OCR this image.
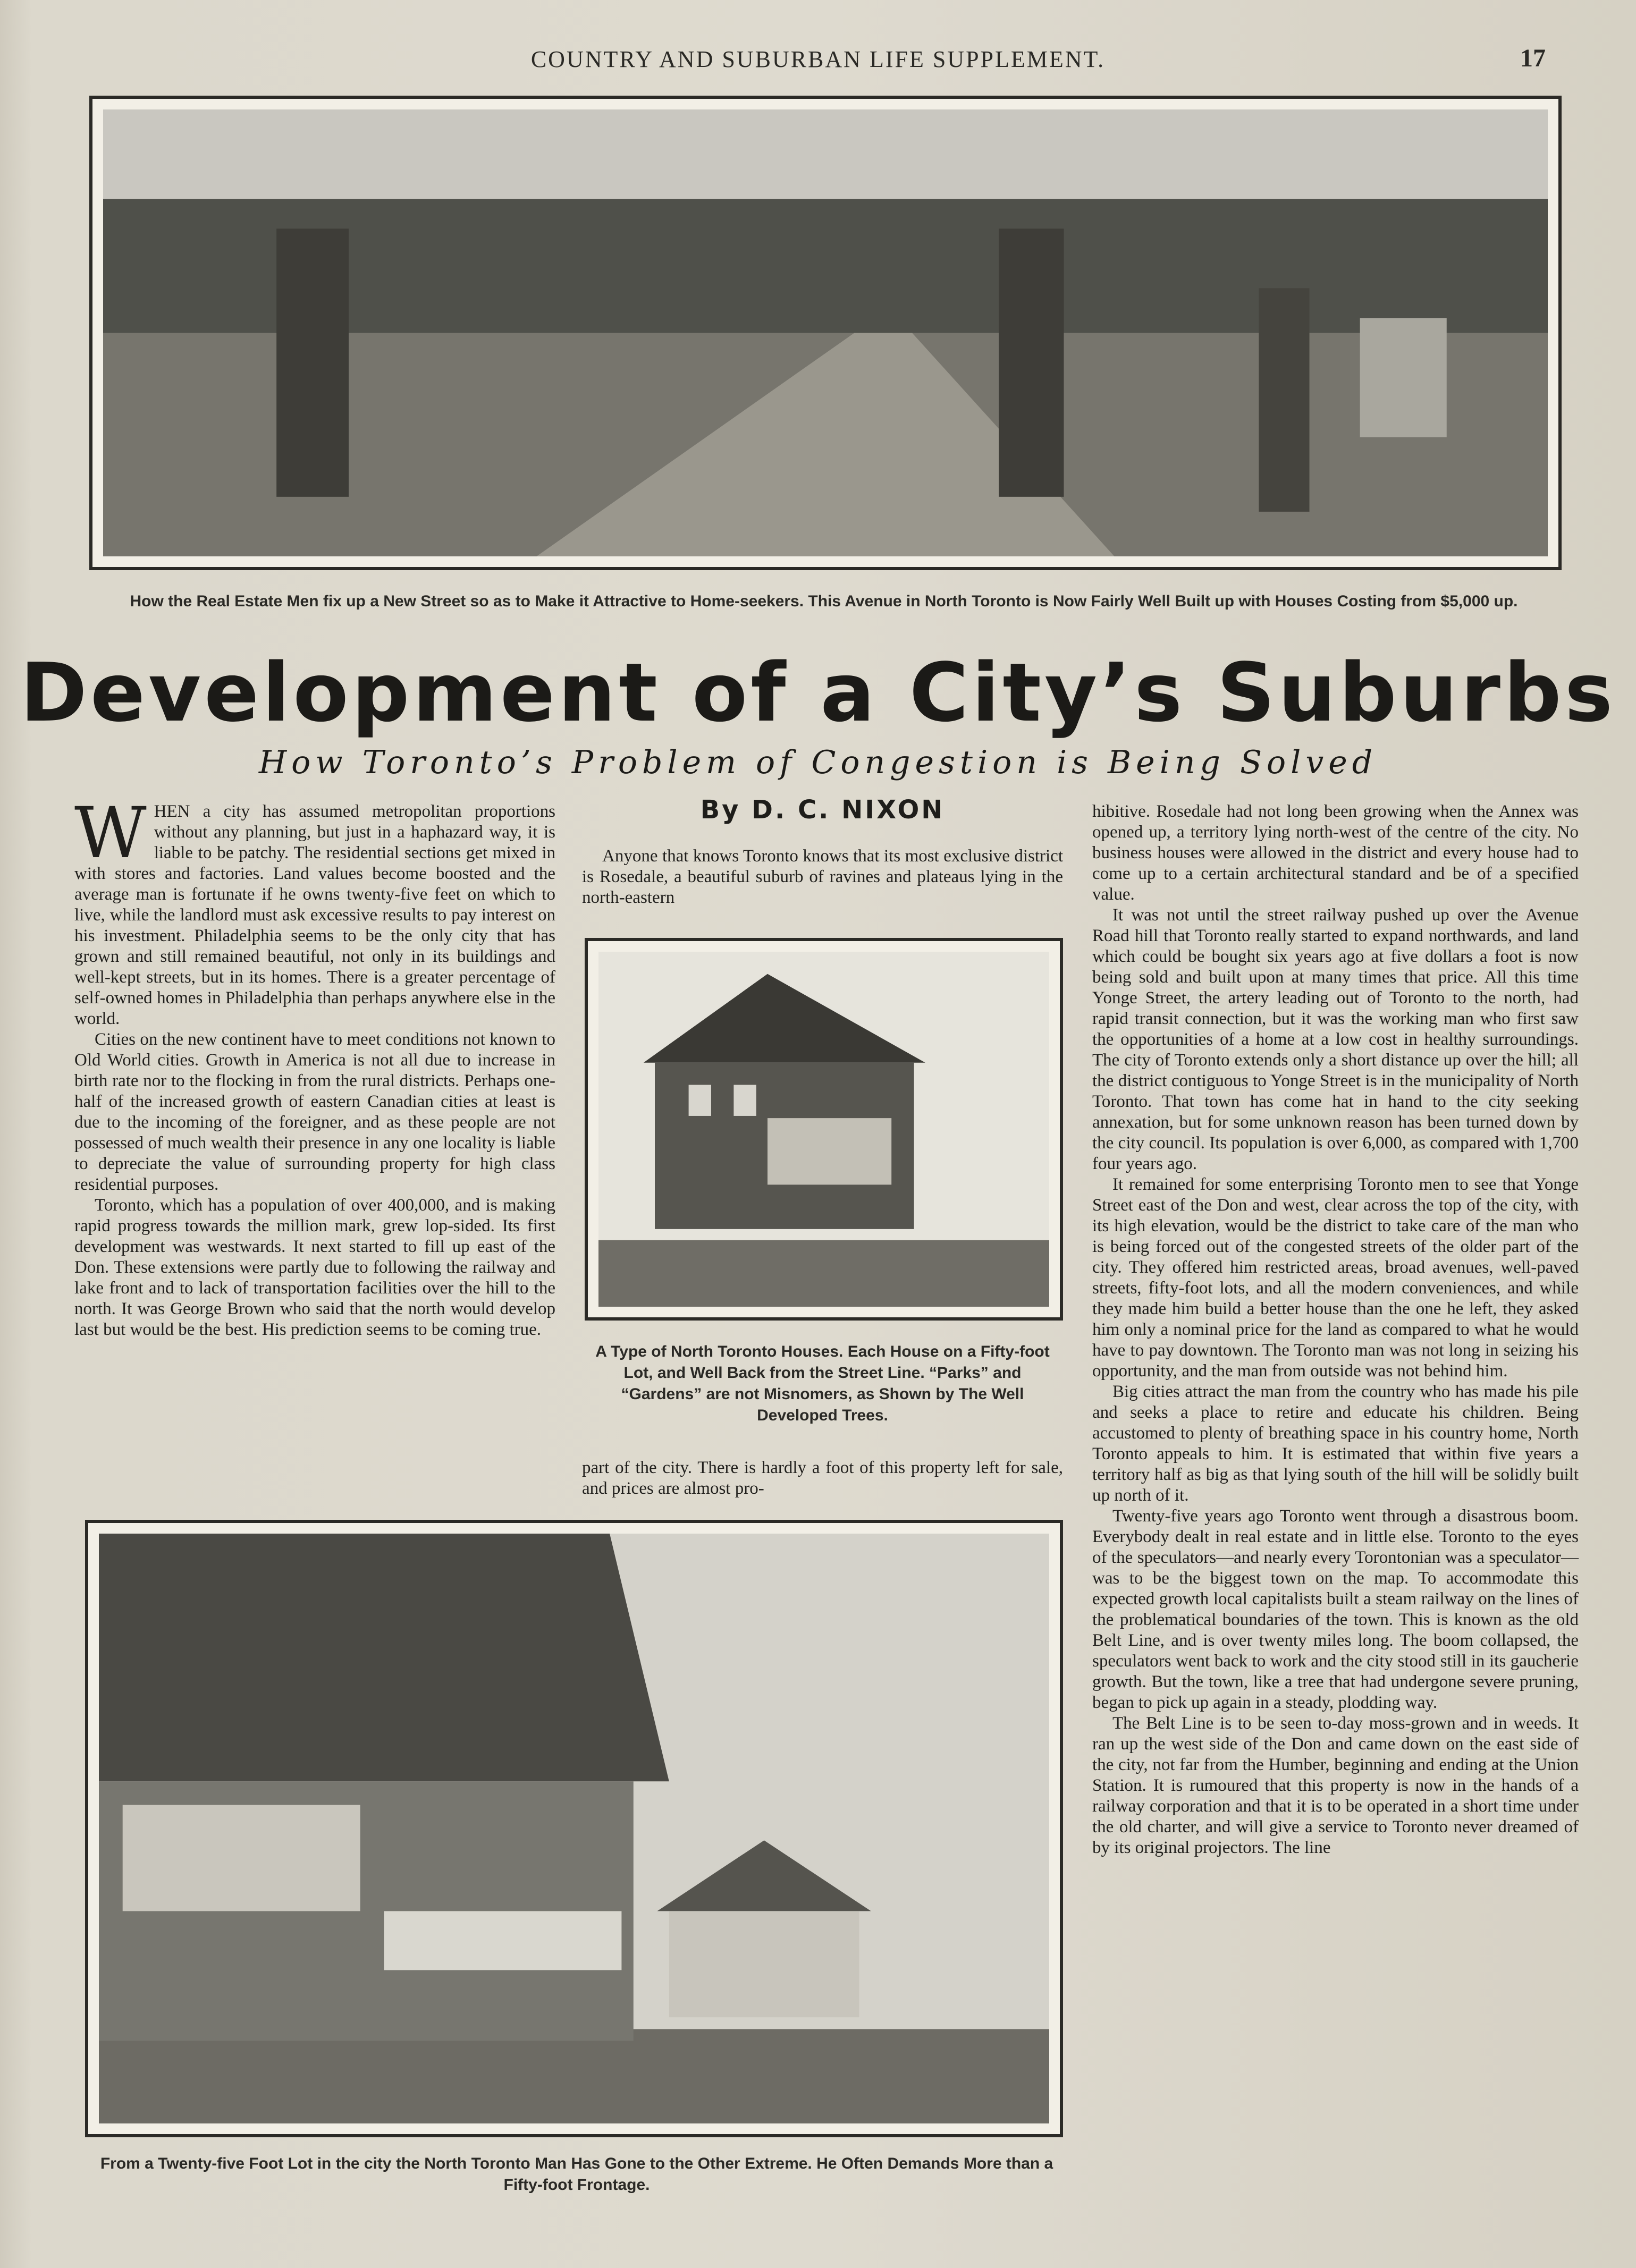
COUNTRY AND SUBURBAN LIFE SUPPLEMENT.	17
How the Real Estate Men fix up a New Street so as to Make it Attractive to Home-seekers. This Avenue in North Toronto is Now Fairly Well Built up with Houses Costing from $5,000 up.
Development of a City’s Suburbs
How Toronto’s Problem of Congestion is Being Solved
By D. C. NIXON

WHEN a city has assumed metropolitan proportions without any planning, but just in a haphazard way, it is liable to be patchy. The residential sections get mixed in with stores and factories. Land values become boosted and the average man is fortunate if he owns twenty-five feet on which to live, while the landlord must ask excessive results to pay interest on his investment. Philadelphia seems to be the only city that has grown and still remained beautiful, not only in its buildings and well-kept streets, but in its homes. There is a greater percentage of self-owned homes in Philadelphia than perhaps anywhere else in the world.

Cities on the new continent have to meet conditions not known to Old World cities. Growth in America is not all due to increase in birth rate nor to the flocking in from the rural districts. Perhaps one-half of the increased growth of eastern Canadian cities at least is due to the incoming of the foreigner, and as these people are not possessed of much wealth their presence in any one locality is liable to depreciate the value of surrounding property for high class residential purposes.

Toronto, which has a population of over 400,000, and is making rapid progress towards the million mark, grew lop-sided. Its first development was westwards. It next started to fill up east of the Don. These extensions were partly due to following the railway and lake front and to lack of transportation facilities over the hill to the north. It was George Brown who said that the north would develop last but would be the best. His prediction seems to be coming true.

Anyone that knows Toronto knows that its most exclusive district is Rosedale, a beautiful suburb of ravines and plateaus lying in the north-eastern

A Type of North Toronto Houses. Each House on a Fifty-foot Lot, and Well Back from the Street Line. “Parks” and “Gardens” are not Misnomers, as Shown by The Well Developed Trees.

part of the city. There is hardly a foot of this property left for sale, and prices are almost pro-

From a Twenty-five Foot Lot in the city the North Toronto Man Has Gone to the Other Extreme. He Often Demands More than a Fifty-foot Frontage.

hibitive. Rosedale had not long been growing when the Annex was opened up, a territory lying north-west of the centre of the city. No business houses were allowed in the district and every house had to come up to a certain architectural standard and be of a specified value.

It was not until the street railway pushed up over the Avenue Road hill that Toronto really started to expand northwards, and land which could be bought six years ago at five dollars a foot is now being sold and built upon at many times that price. All this time Yonge Street, the artery leading out of Toronto to the north, had rapid transit connection, but it was the working man who first saw the opportunities of a home at a low cost in healthy surroundings. The city of Toronto extends only a short distance up over the hill; all the district contiguous to Yonge Street is in the municipality of North Toronto. That town has come hat in hand to the city seeking annexation, but for some unknown reason has been turned down by the city council. Its population is over 6,000, as compared with 1,700 four years ago.

It remained for some enterprising Toronto men to see that Yonge Street east of the Don and west, clear across the top of the city, with its high elevation, would be the district to take care of the man who is being forced out of the congested streets of the older part of the city. They offered him restricted areas, broad avenues, well-paved streets, fifty-foot lots, and all the modern conveniences, and while they made him build a better house than the one he left, they asked him only a nominal price for the land as compared to what he would have to pay downtown. The Toronto man was not long in seizing his opportunity, and the man from outside was not behind him.

Big cities attract the man from the country who has made his pile and seeks a place to retire and educate his children. Being accustomed to plenty of breathing space in his country home, North Toronto appeals to him. It is estimated that within five years a territory half as big as that lying south of the hill will be solidly built up north of it.

Twenty-five years ago Toronto went through a disastrous boom. Everybody dealt in real estate and in little else. Toronto to the eyes of the speculators—and nearly every Torontonian was a speculator—was to be the biggest town on the map. To accommodate this expected growth local capitalists built a steam railway on the lines of the problematical boundaries of the town. This is known as the old Belt Line, and is over twenty miles long. The boom collapsed, the speculators went back to work and the city stood still in its gaucherie growth. But the town, like a tree that had undergone severe pruning, began to pick up again in a steady, plodding way.

The Belt Line is to be seen to-day moss-grown and in weeds. It ran up the west side of the Don and came down on the east side of the city, not far from the Humber, beginning and ending at the Union Station. It is rumoured that this property is now in the hands of a railway corporation and that it is to be operated in a short time under the old charter, and will give a service to Toronto never dreamed of by its original projectors. The line
